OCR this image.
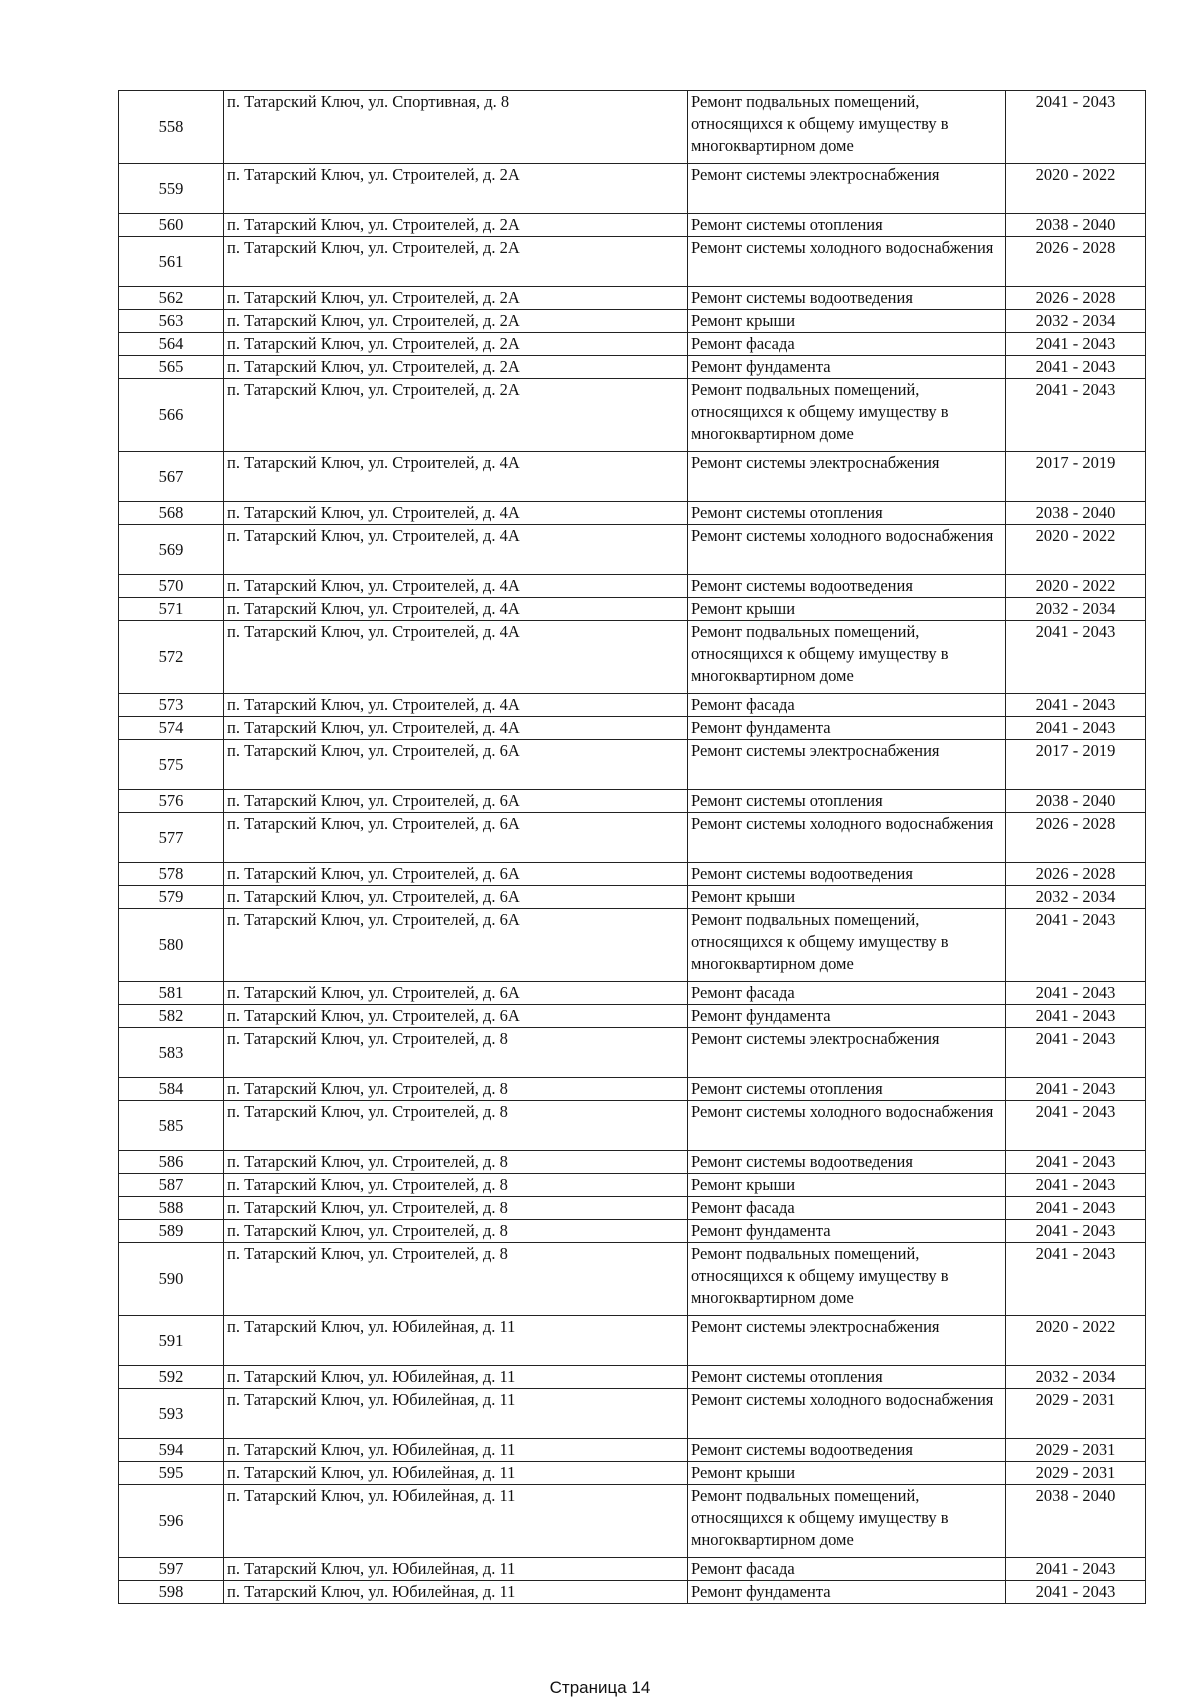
558	п. Татарский Ключ, ул. Спортивная, д. 8	Ремонт подвальных помещений, относящихся к общему имуществу в многоквартирном доме	2041 - 2043
559	п. Татарский Ключ, ул. Строителей, д. 2А	Ремонт системы электроснабжения	2020 - 2022
560	п. Татарский Ключ, ул. Строителей, д. 2А	Ремонт системы отопления	2038 - 2040
561	п. Татарский Ключ, ул. Строителей, д. 2А	Ремонт системы холодного водоснабжения	2026 - 2028
562	п. Татарский Ключ, ул. Строителей, д. 2А	Ремонт системы водоотведения	2026 - 2028
563	п. Татарский Ключ, ул. Строителей, д. 2А	Ремонт крыши	2032 - 2034
564	п. Татарский Ключ, ул. Строителей, д. 2А	Ремонт фасада	2041 - 2043
565	п. Татарский Ключ, ул. Строителей, д. 2А	Ремонт фундамента	2041 - 2043
566	п. Татарский Ключ, ул. Строителей, д. 2А	Ремонт подвальных помещений, относящихся к общему имуществу в многоквартирном доме	2041 - 2043
567	п. Татарский Ключ, ул. Строителей, д. 4А	Ремонт системы электроснабжения	2017 - 2019
568	п. Татарский Ключ, ул. Строителей, д. 4А	Ремонт системы отопления	2038 - 2040
569	п. Татарский Ключ, ул. Строителей, д. 4А	Ремонт системы холодного водоснабжения	2020 - 2022
570	п. Татарский Ключ, ул. Строителей, д. 4А	Ремонт системы водоотведения	2020 - 2022
571	п. Татарский Ключ, ул. Строителей, д. 4А	Ремонт крыши	2032 - 2034
572	п. Татарский Ключ, ул. Строителей, д. 4А	Ремонт подвальных помещений, относящихся к общему имуществу в многоквартирном доме	2041 - 2043
573	п. Татарский Ключ, ул. Строителей, д. 4А	Ремонт фасада	2041 - 2043
574	п. Татарский Ключ, ул. Строителей, д. 4А	Ремонт фундамента	2041 - 2043
575	п. Татарский Ключ, ул. Строителей, д. 6А	Ремонт системы электроснабжения	2017 - 2019
576	п. Татарский Ключ, ул. Строителей, д. 6А	Ремонт системы отопления	2038 - 2040
577	п. Татарский Ключ, ул. Строителей, д. 6А	Ремонт системы холодного водоснабжения	2026 - 2028
578	п. Татарский Ключ, ул. Строителей, д. 6А	Ремонт системы водоотведения	2026 - 2028
579	п. Татарский Ключ, ул. Строителей, д. 6А	Ремонт крыши	2032 - 2034
580	п. Татарский Ключ, ул. Строителей, д. 6А	Ремонт подвальных помещений, относящихся к общему имуществу в многоквартирном доме	2041 - 2043
581	п. Татарский Ключ, ул. Строителей, д. 6А	Ремонт фасада	2041 - 2043
582	п. Татарский Ключ, ул. Строителей, д. 6А	Ремонт фундамента	2041 - 2043
583	п. Татарский Ключ, ул. Строителей, д. 8	Ремонт системы электроснабжения	2041 - 2043
584	п. Татарский Ключ, ул. Строителей, д. 8	Ремонт системы отопления	2041 - 2043
585	п. Татарский Ключ, ул. Строителей, д. 8	Ремонт системы холодного водоснабжения	2041 - 2043
586	п. Татарский Ключ, ул. Строителей, д. 8	Ремонт системы водоотведения	2041 - 2043
587	п. Татарский Ключ, ул. Строителей, д. 8	Ремонт крыши	2041 - 2043
588	п. Татарский Ключ, ул. Строителей, д. 8	Ремонт фасада	2041 - 2043
589	п. Татарский Ключ, ул. Строителей, д. 8	Ремонт фундамента	2041 - 2043
590	п. Татарский Ключ, ул. Строителей, д. 8	Ремонт подвальных помещений, относящихся к общему имуществу в многоквартирном доме	2041 - 2043
591	п. Татарский Ключ, ул. Юбилейная, д. 11	Ремонт системы электроснабжения	2020 - 2022
592	п. Татарский Ключ, ул. Юбилейная, д. 11	Ремонт системы отопления	2032 - 2034
593	п. Татарский Ключ, ул. Юбилейная, д. 11	Ремонт системы холодного водоснабжения	2029 - 2031
594	п. Татарский Ключ, ул. Юбилейная, д. 11	Ремонт системы водоотведения	2029 - 2031
595	п. Татарский Ключ, ул. Юбилейная, д. 11	Ремонт крыши	2029 - 2031
596	п. Татарский Ключ, ул. Юбилейная, д. 11	Ремонт подвальных помещений, относящихся к общему имуществу в многоквартирном доме	2038 - 2040
597	п. Татарский Ключ, ул. Юбилейная, д. 11	Ремонт фасада	2041 - 2043
598	п. Татарский Ключ, ул. Юбилейная, д. 11	Ремонт фундамента	2041 - 2043
Страница 14
